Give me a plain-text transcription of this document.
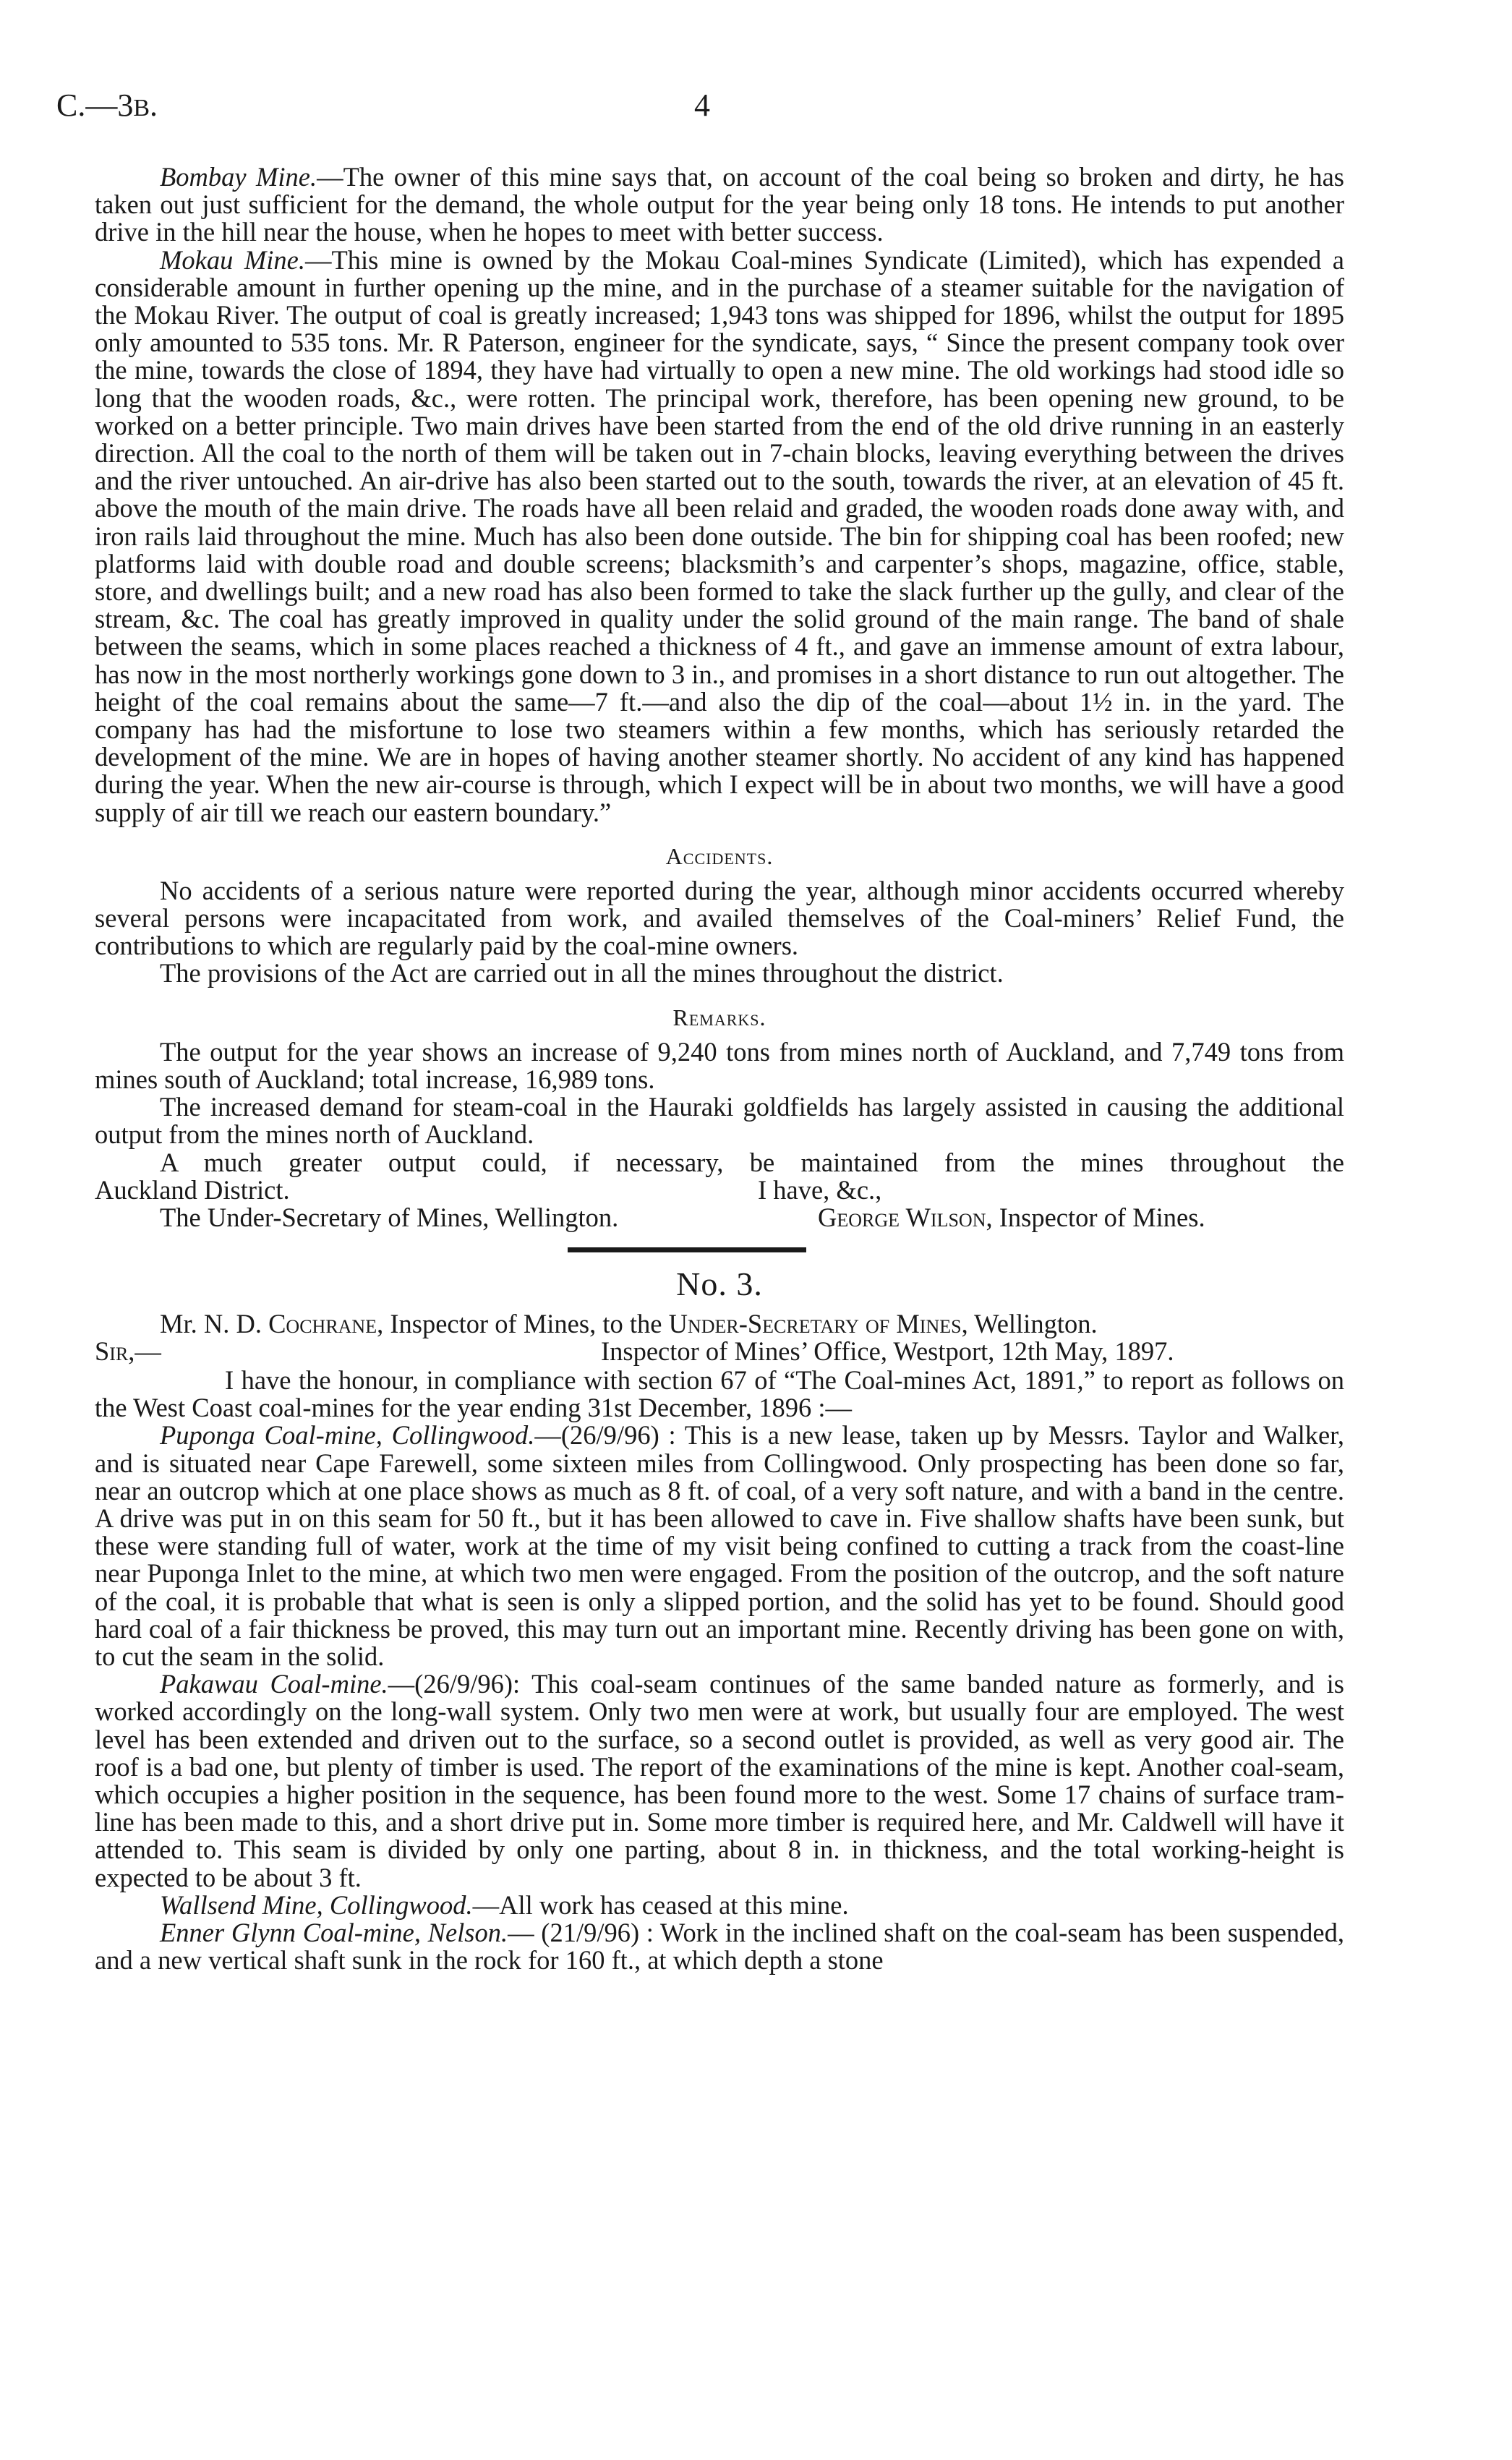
C.—3B.	4

Bombay Mine.—The owner of this mine says that, on account of the coal being so broken and dirty, he has taken out just sufficient for the demand, the whole output for the year being only 18 tons. He intends to put another drive in the hill near the house, when he hopes to meet with better success.

Mokau Mine.—This mine is owned by the Mokau Coal-mines Syndicate (Limited), which has expended a considerable amount in further opening up the mine, and in the purchase of a steamer suitable for the navigation of the Mokau River. The output of coal is greatly increased; 1,943 tons was shipped for 1896, whilst the output for 1895 only amounted to 535 tons. Mr. R Paterson, engineer for the syndicate, says, “ Since the present company took over the mine, towards the close of 1894, they have had virtually to open a new mine. The old workings had stood idle so long that the wooden roads, &c., were rotten. The principal work, therefore, has been opening new ground, to be worked on a better principle. Two main drives have been started from the end of the old drive running in an easterly direction. All the coal to the north of them will be taken out in 7-chain blocks, leaving everything between the drives and the river untouched. An air-drive has also been started out to the south, towards the river, at an elevation of 45 ft. above the mouth of the main drive. The roads have all been relaid and graded, the wooden roads done away with, and iron rails laid throughout the mine. Much has also been done outside. The bin for shipping coal has been roofed; new platforms laid with double road and double screens; blacksmith’s and carpenter’s shops, magazine, office, stable, store, and dwellings built; and a new road has also been formed to take the slack further up the gully, and clear of the stream, &c. The coal has greatly improved in quality under the solid ground of the main range. The band of shale between the seams, which in some places reached a thickness of 4 ft., and gave an immense amount of extra labour, has now in the most northerly workings gone down to 3 in., and promises in a short distance to run out altogether. The height of the coal remains about the same—7 ft.—and also the dip of the coal—about 1½ in. in the yard. The company has had the misfortune to lose two steamers within a few months, which has seriously retarded the development of the mine. We are in hopes of having another steamer shortly. No accident of any kind has happened during the year. When the new air-course is through, which I expect will be in about two months, we will have a good supply of air till we reach our eastern boundary.”

Accidents.

No accidents of a serious nature were reported during the year, although minor accidents occurred whereby several persons were incapacitated from work, and availed themselves of the Coal-miners’ Relief Fund, the contributions to which are regularly paid by the coal-mine owners.

The provisions of the Act are carried out in all the mines throughout the district.

Remarks.

The output for the year shows an increase of 9,240 tons from mines north of Auckland, and 7,749 tons from mines south of Auckland; total increase, 16,989 tons.

The increased demand for steam-coal in the Hauraki goldfields has largely assisted in causing the additional output from the mines north of Auckland.

A much greater output could, if necessary, be maintained from the mines throughout the

Auckland District.	I have, &c.,
The Under-Secretary of Mines, Wellington.	George Wilson, Inspector of Mines.
No. 3.

Mr. N. D. Cochrane, Inspector of Mines, to the Under-Secretary of Mines, Wellington.

Sir,—	Inspector of Mines’ Office, Westport, 12th May, 1897.

I have the honour, in compliance with section 67 of “The Coal-mines Act, 1891,” to report as follows on the West Coast coal-mines for the year ending 31st December, 1896 :—

Puponga Coal-mine, Collingwood.—(26/9/96) : This is a new lease, taken up by Messrs. Taylor and Walker, and is situated near Cape Farewell, some sixteen miles from Collingwood. Only prospecting has been done so far, near an outcrop which at one place shows as much as 8 ft. of coal, of a very soft nature, and with a band in the centre. A drive was put in on this seam for 50 ft., but it has been allowed to cave in. Five shallow shafts have been sunk, but these were standing full of water, work at the time of my visit being confined to cutting a track from the coast-line near Puponga Inlet to the mine, at which two men were engaged. From the position of the outcrop, and the soft nature of the coal, it is probable that what is seen is only a slipped portion, and the solid has yet to be found. Should good hard coal of a fair thickness be proved, this may turn out an important mine. Recently driving has been gone on with, to cut the seam in the solid.

Pakawau Coal-mine.—(26/9/96): This coal-seam continues of the same banded nature as formerly, and is worked accordingly on the long-wall system. Only two men were at work, but usually four are employed. The west level has been extended and driven out to the surface, so a second outlet is provided, as well as very good air. The roof is a bad one, but plenty of timber is used. The report of the examinations of the mine is kept. Another coal-seam, which occupies a higher position in the sequence, has been found more to the west. Some 17 chains of surface tram-line has been made to this, and a short drive put in. Some more timber is required here, and Mr. Caldwell will have it attended to. This seam is divided by only one parting, about 8 in. in thickness, and the total working-height is expected to be about 3 ft.

Wallsend Mine, Collingwood.—All work has ceased at this mine.

Enner Glynn Coal-mine, Nelson.— (21/9/96) : Work in the inclined shaft on the coal-seam has been suspended, and a new vertical shaft sunk in the rock for 160 ft., at which depth a stone
